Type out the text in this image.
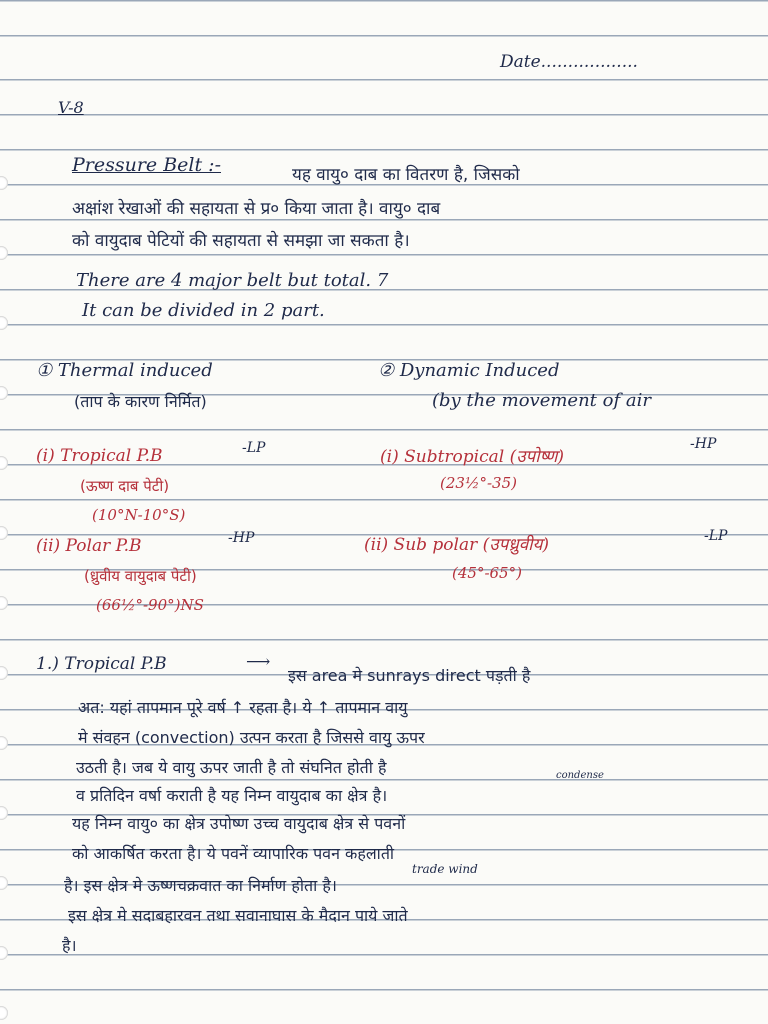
Date..................
V-8
Pressure Belt :-	यह वायु० दाब का वितरण है, जिसको
अक्षांश रेखाओं की सहायता से प्र० किया जाता है। वायु० दाब
को वायुदाब पेटियों की सहायता से समझा जा सकता है।
There are 4 major belt but total. 7
It can be divided in 2 part.
① Thermal induced
(ताप के कारण निर्मित)
② Dynamic Induced
(by the movement of air
(i) Tropical P.B	-LP
(ऊष्ण दाब पेटी)
(10°N-10°S)
(i) Subtropical (उपोष्ण)
-HP
(23½°-35)
(ii) Polar P.B	-HP
(ध्रुवीय वायुदाब पेटी)
(66½°-90°)NS
(ii) Sub polar (उपध्रुवीय)	-LP
(45°-65°)
1.) Tropical P.B	⟶
इस area मे sunrays direct पड़ती है
अत: यहां तापमान पूरे वर्ष ↑ रहता है। ये ↑ तापमान वायु
मे संवहन (convection) उत्पन करता है जिससे वायु ऊपर
उठती है। जब ये वायु ऊपर जाती है तो संघनित होती है	condense
व प्रतिदिन वर्षा कराती है यह निम्न वायुदाब का क्षेत्र है।
यह निम्न वायु० का क्षेत्र उपोष्ण उच्च वायुदाब क्षेत्र से पवनों
को आकर्षित करता है। ये पवनें व्यापारिक पवन कहलाती
trade wind
है। इस क्षेत्र मे ऊष्णचक्रवात का निर्माण होता है।
इस क्षेत्र मे सदाबहारवन तथा सवानाघास के मैदान पाये जाते
है।
